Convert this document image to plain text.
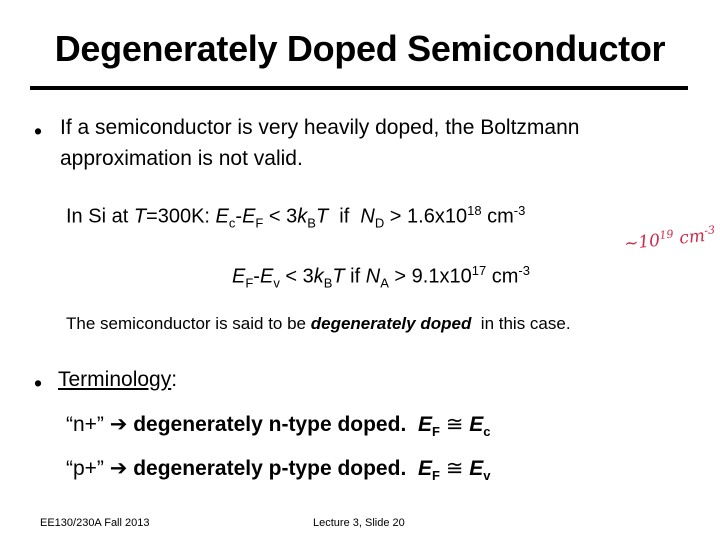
Degenerately Doped Semiconductor
• If a semiconductor is very heavily doped, the Boltzmann
approximation is not valid.
In Si at T=300K: $E_c-E_F < 3k_BT$  if  $N_D > 1.6x10^{18}$ $cm^{-3}$
$\sim 10^{19}$ $cm^{-3}$
$E_F-E_v < 3k_BT$ if $N_A > 9.1x10^{17}$ $cm^{-3}$
The semiconductor is said to be degenerately doped  in this case.
• Terminology:
“n+” ➔ degenerately n-type doped.  $E_F$ ≅ $E_c$
“p+” ➔ degenerately p-type doped.  $E_F$ ≅ $E_v$
EE130/230A Fall 2013	Lecture 3, Slide 20
